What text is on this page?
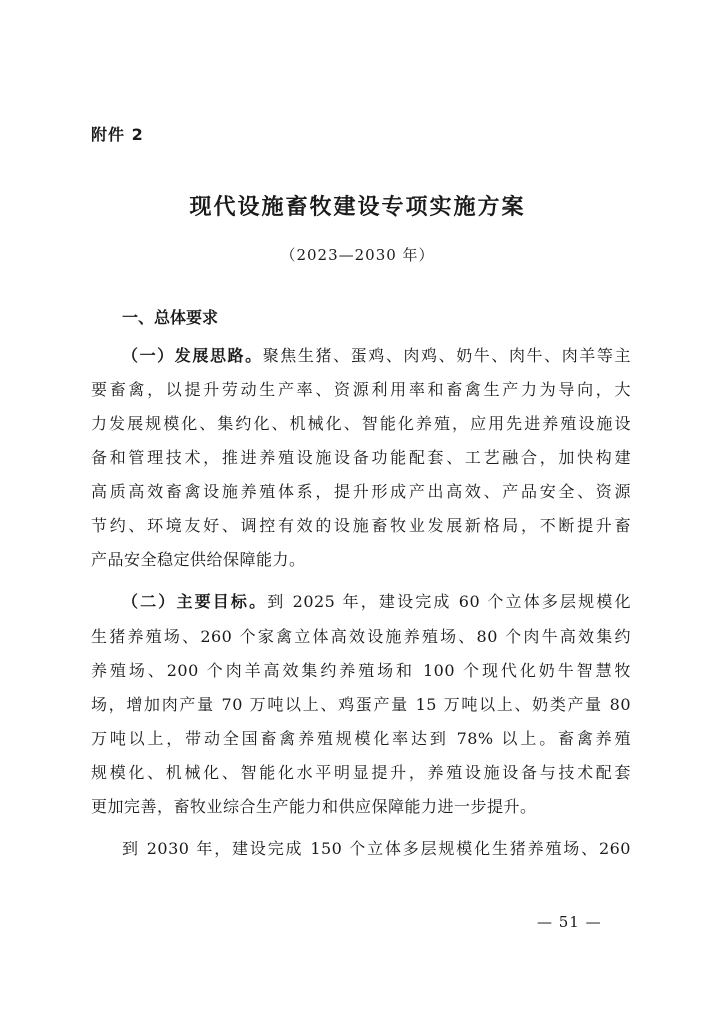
附件 2
现代设施畜牧建设专项实施方案
（2023—2030 年）
一、总体要求
（一）发展思路。聚焦生猪、蛋鸡、肉鸡、奶牛、肉牛、肉羊等主
要畜禽，以提升劳动生产率、资源利用率和畜禽生产力为导向，大
力发展规模化、集约化、机械化、智能化养殖，应用先进养殖设施设
备和管理技术，推进养殖设施设备功能配套、工艺融合，加快构建
高质高效畜禽设施养殖体系，提升形成产出高效、产品安全、资源
节约、环境友好、调控有效的设施畜牧业发展新格局，不断提升畜
产品安全稳定供给保障能力。
（二）主要目标。到 2025 年，建设完成 60 个立体多层规模化
生猪养殖场、260 个家禽立体高效设施养殖场、80 个肉牛高效集约
养殖场、200 个肉羊高效集约养殖场和 100 个现代化奶牛智慧牧
场，增加肉产量 70 万吨以上、鸡蛋产量 15 万吨以上、奶类产量 80
万吨以上，带动全国畜禽养殖规模化率达到 78% 以上。畜禽养殖
规模化、机械化、智能化水平明显提升，养殖设施设备与技术配套
更加完善，畜牧业综合生产能力和供应保障能力进一步提升。
到 2030 年，建设完成 150 个立体多层规模化生猪养殖场、260
— 51 —
